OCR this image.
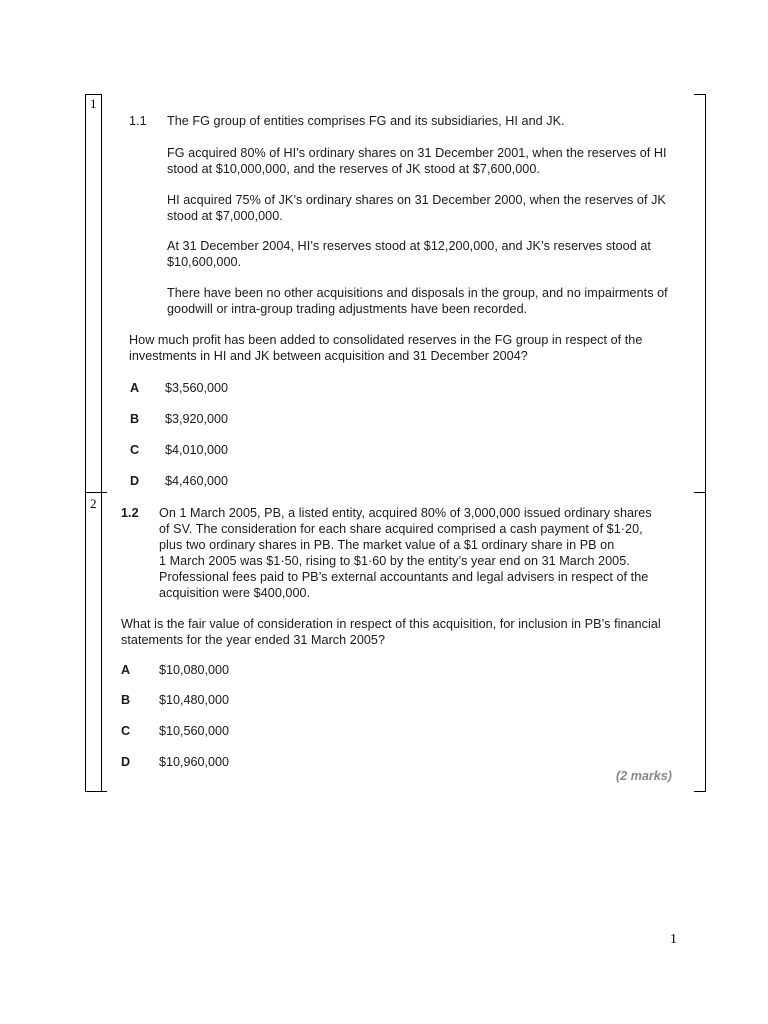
1
1.1 The FG group of entities comprises FG and its subsidiaries, HI and JK.
FG acquired 80% of HI’s ordinary shares on 31 December 2001, when the reserves of HI
stood at $10,000,000, and the reserves of JK stood at $7,600,000.
HI acquired 75% of JK’s ordinary shares on 31 December 2000, when the reserves of JK
stood at $7,000,000.
At 31 December 2004, HI’s reserves stood at $12,200,000, and JK’s reserves stood at
$10,600,000.
There have been no other acquisitions and disposals in the group, and no impairments of
goodwill or intra-group trading adjustments have been recorded.
How much profit has been added to consolidated reserves in the FG group in respect of the
investments in HI and JK between acquisition and 31 December 2004?
A $3,560,000
B $3,920,000
C $4,010,000
D $4,460,000
2
1.2 On 1 March 2005, PB, a listed entity, acquired 80% of 3,000,000 issued ordinary shares
of SV. The consideration for each share acquired comprised a cash payment of $1·20,
plus two ordinary shares in PB. The market value of a $1 ordinary share in PB on
1 March 2005 was $1·50, rising to $1·60 by the entity’s year end on 31 March 2005.
Professional fees paid to PB’s external accountants and legal advisers in respect of the
acquisition were $400,000.
What is the fair value of consideration in respect of this acquisition, for inclusion in PB’s financial
statements for the year ended 31 March 2005?
A $10,080,000
B $10,480,000
C $10,560,000
D $10,960,000
(2 marks)
1
